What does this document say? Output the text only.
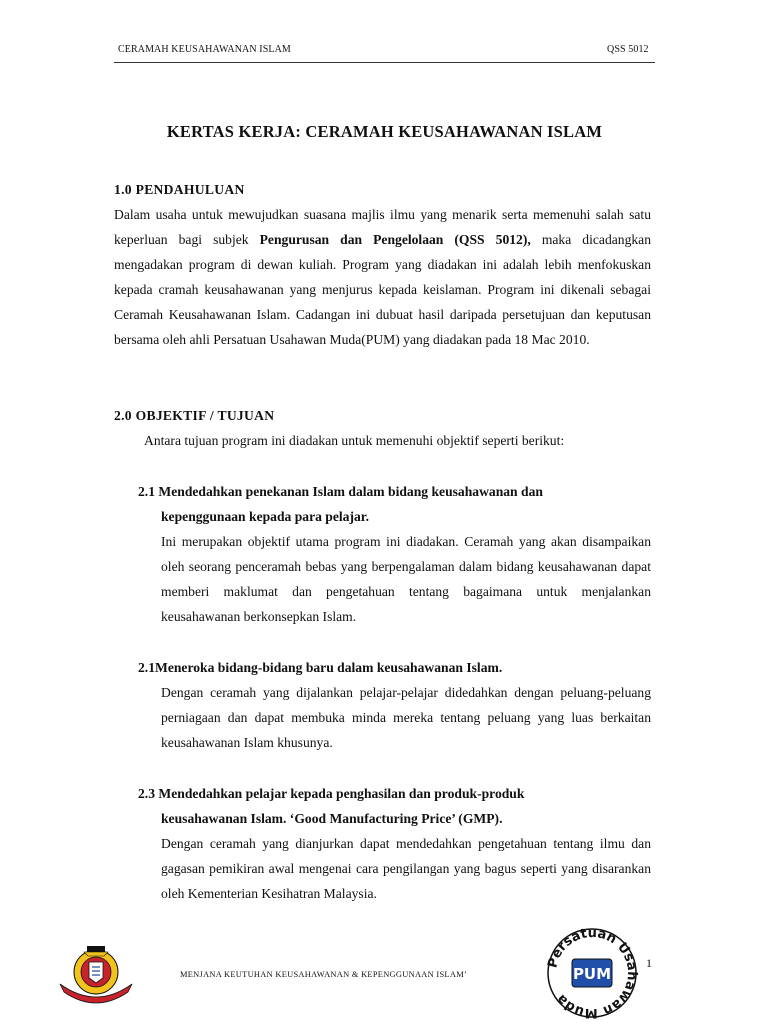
CERAMAH KEUSAHAWANAN ISLAM	QSS 5012
KERTAS KERJA: CERAMAH KEUSAHAWANAN ISLAM
1.0 PENDAHULUAN
Dalam usaha untuk mewujudkan suasana majlis ilmu yang menarik serta memenuhi salah satu keperluan bagi subjek Pengurusan dan Pengelolaan (QSS 5012), maka dicadangkan mengadakan program di dewan kuliah. Program yang diadakan ini adalah lebih menfokuskan kepada cramah keusahawanan yang menjurus kepada keislaman. Program ini dikenali sebagai Ceramah Keusahawanan Islam. Cadangan ini dubuat hasil daripada persetujuan dan keputusan bersama oleh ahli Persatuan Usahawan Muda(PUM) yang diadakan pada 18 Mac 2010.
2.0 OBJEKTIF / TUJUAN
Antara tujuan program ini diadakan untuk memenuhi objektif seperti berikut:
2.1 Mendedahkan penekanan Islam dalam bidang keusahawanan dan
kepenggunaan kepada para pelajar.
Ini merupakan objektif utama program ini diadakan. Ceramah yang akan disampaikan oleh seorang penceramah bebas yang berpengalaman dalam bidang keusahawanan dapat memberi maklumat dan pengetahuan tentang bagaimana untuk menjalankan keusahawanan berkonsepkan Islam.
2.1Meneroka bidang-bidang baru dalam keusahawanan Islam.
Dengan ceramah yang dijalankan pelajar-pelajar didedahkan dengan peluang-peluang perniagaan dan dapat membuka minda mereka tentang peluang yang luas berkaitan keusahawanan Islam khusunya.
2.3 Mendedahkan pelajar kepada penghasilan dan produk-produk
keusahawanan Islam. ‘Good Manufacturing Price’ (GMP).
Dengan ceramah yang dianjurkan dapat mendedahkan pengetahuan tentang ilmu dan gagasan pemikiran awal mengenai cara pengilangan yang bagus seperti yang disarankan oleh Kementerian Kesihatran Malaysia.
MENJANA KEUTUHAN KEUSAHAWANAN & KEPENGGUNAAN ISLAM’
Persatuan Usahawan Muda
PUM
1
